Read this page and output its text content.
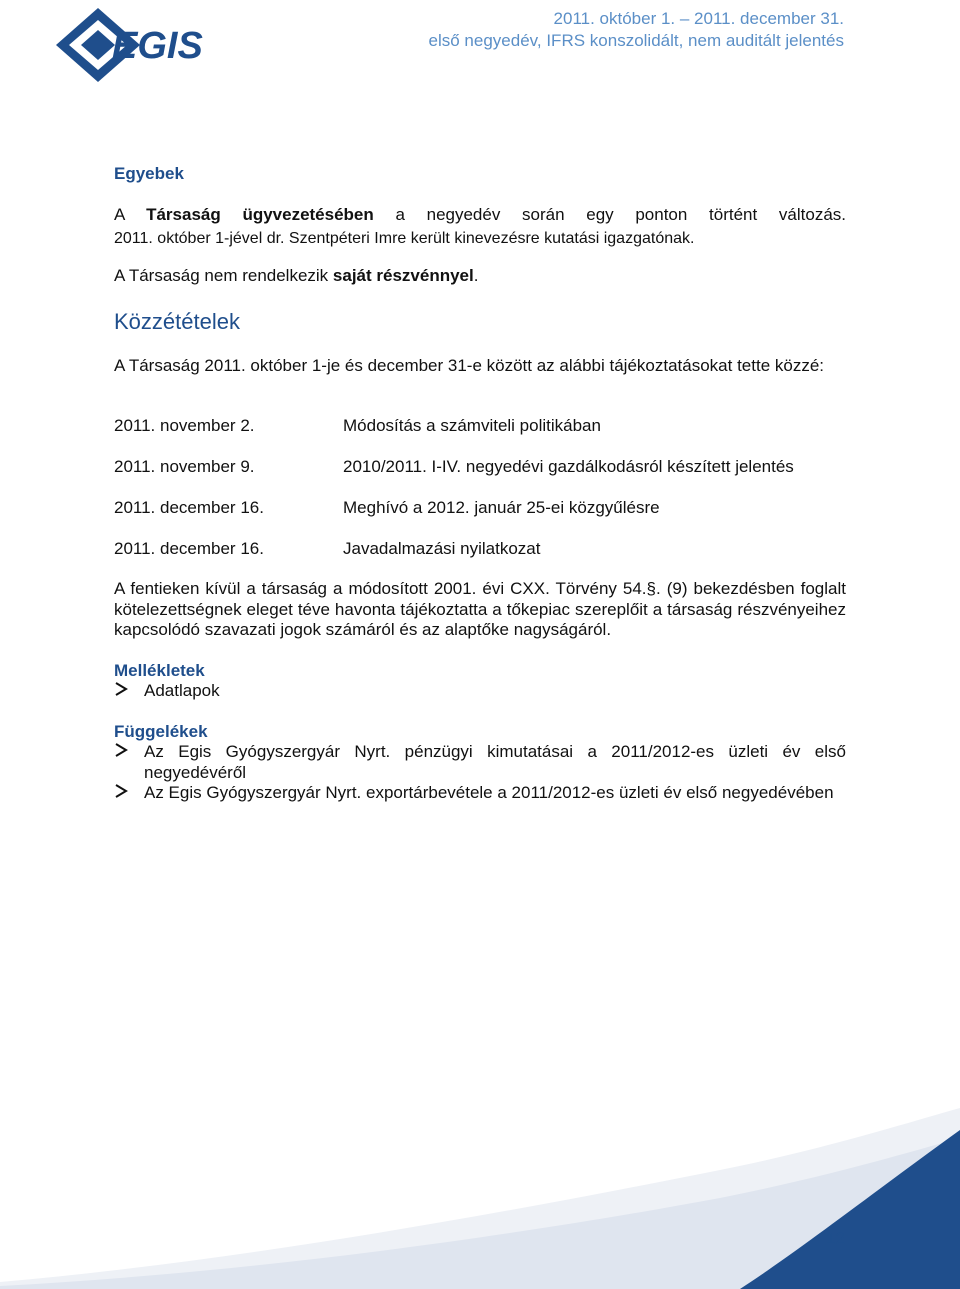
EGIS
2011. október 1. – 2011. december 31.
első negyedév, IFRS konszolidált, nem auditált jelentés
Egyebek
A Társaság ügyvezetésében a negyedév során egy ponton történt változás.
2011. október 1-jével dr. Szentpéteri Imre került kinevezésre kutatási igazgatónak.
A Társaság nem rendelkezik saját részvénnyel.
Közzétételek
A Társaság 2011. október 1-je és december 31-e között az alábbi tájékoztatásokat tette közzé:
2011. november 2.	Módosítás a számviteli politikában
2011. november 9.	2010/2011. I-IV. negyedévi gazdálkodásról készített jelentés
2011. december 16.	Meghívó a 2012. január 25-ei közgyűlésre
2011. december 16.	Javadalmazási nyilatkozat
A fentieken kívül a társaság a módosított 2001. évi CXX. Törvény 54.§. (9) bekezdésben foglalt kötelezettségnek eleget téve havonta tájékoztatta a tőkepiac szereplőit a társaság részvényeihez kapcsolódó szavazati jogok számáról és az alaptőke nagyságáról.
Mellékletek
Adatlapok
Függelékek
Az Egis Gyógyszergyár Nyrt. pénzügyi kimutatásai a 2011/2012-es üzleti év első negyedévéről
Az Egis Gyógyszergyár Nyrt. exportárbevétele a 2011/2012-es üzleti év első negyedévében
12
